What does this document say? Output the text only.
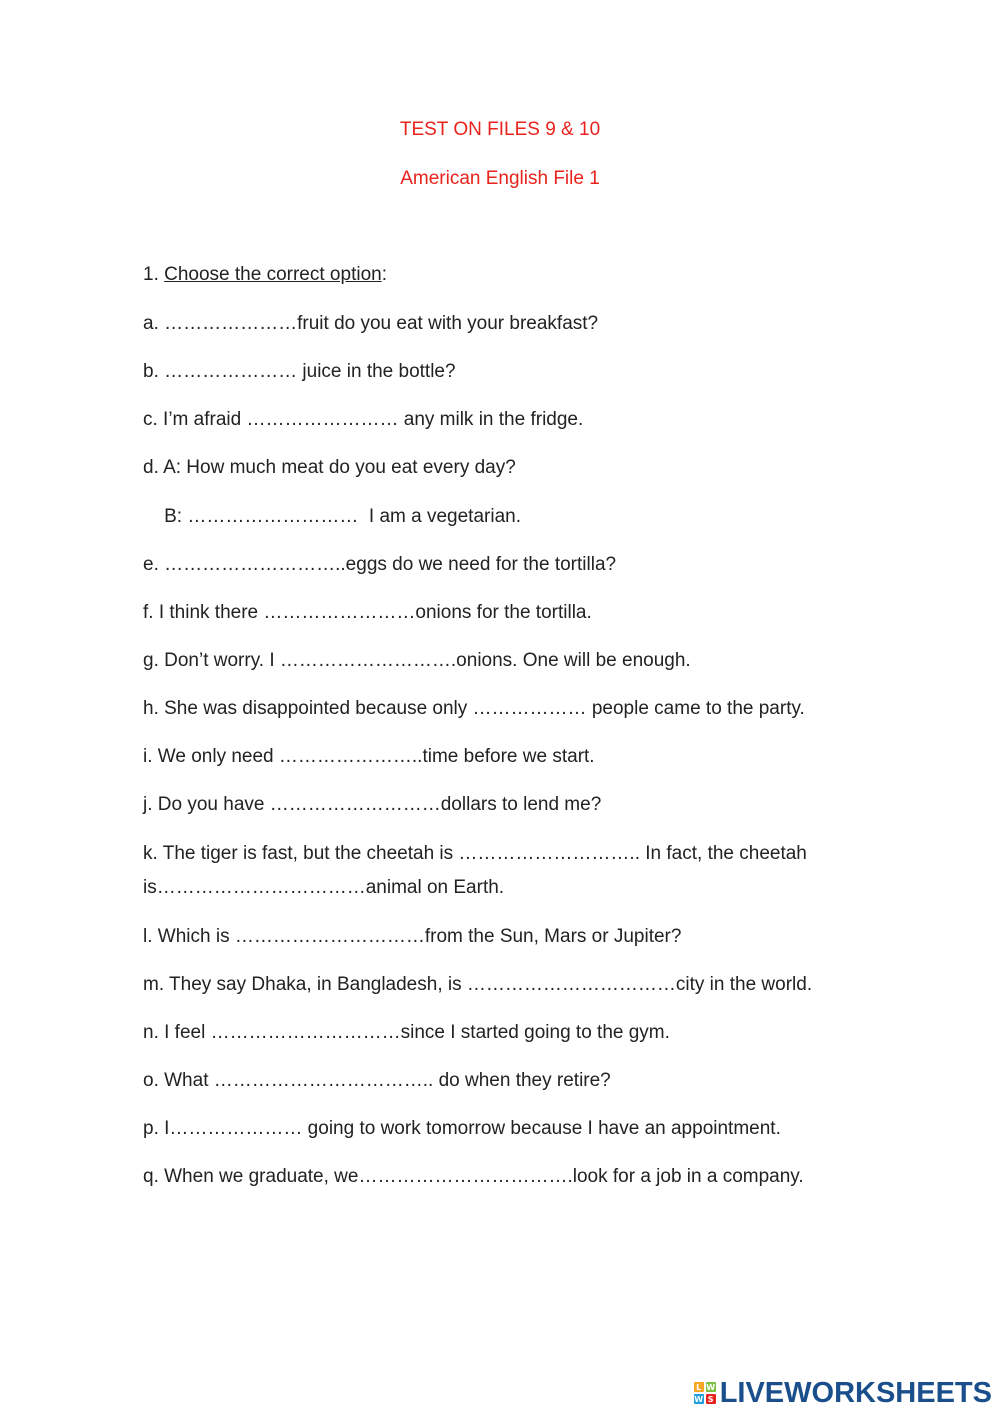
TEST ON FILES 9 & 10
American English File 1
1. Choose the correct option:
a. …………………fruit do you eat with your breakfast?
b. ………………… juice in the bottle?
c. I’m afraid …………………… any milk in the fridge.
d. A: How much meat do you eat every day?
B: ………………………  I am a vegetarian.
e. ………………………..eggs do we need for the tortilla?
f. I think there ……………………onions for the tortilla.
g. Don’t worry. I ……………………….onions. One will be enough.
h. She was disappointed because only ……………… people came to the party.
i. We only need …………………..time before we start.
j. Do you have ………………………dollars to lend me?
k. The tiger is fast, but the cheetah is ……………………….. In fact, the cheetah
is……………………………animal on Earth.
l. Which is …………………………from the Sun, Mars or Jupiter?
m. They say Dhaka, in Bangladesh, is ……………………………city in the world.
n. I feel …………………………since I started going to the gym.
o. What …………………………….. do when they retire?
p. I………………… going to work tomorrow because I have an appointment.
q. When we graduate, we…………………………….look for a job in a company.
L W
W S LIVEWORKSHEETS
